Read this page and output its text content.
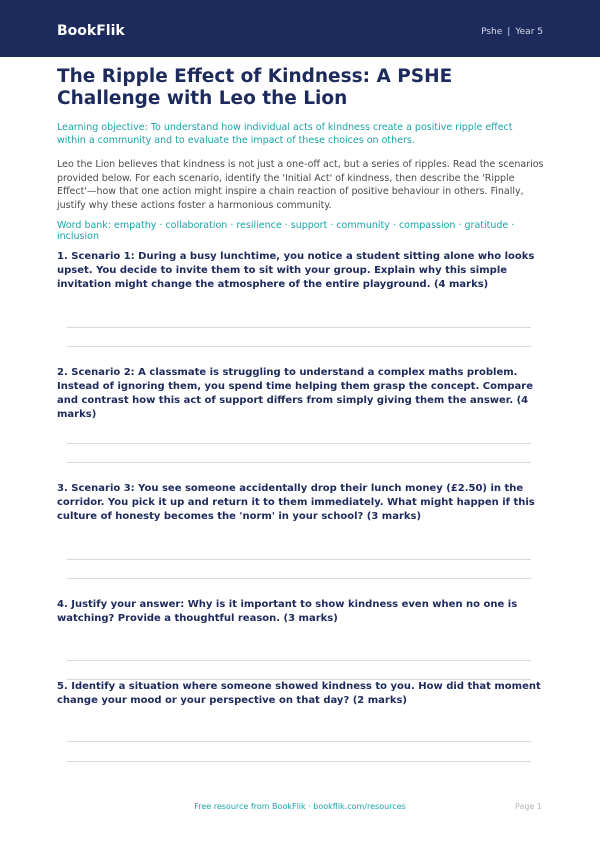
BookFlik	Pshe | Year 5
The Ripple Effect of Kindness: A PSHE Challenge with Leo the Lion

Learning objective: To understand how individual acts of kindness create a positive ripple effect within a community and to evaluate the impact of these choices on others.

Leo the Lion believes that kindness is not just a one-off act, but a series of ripples. Read the scenarios provided below. For each scenario, identify the 'Initial Act' of kindness, then describe the 'Ripple Effect'—how that one action might inspire a chain reaction of positive behaviour in others. Finally, justify why these actions foster a harmonious community.

Word bank: empathy · collaboration · resilience · support · community · compassion · gratitude · inclusion

1. Scenario 1: During a busy lunchtime, you notice a student sitting alone who looks upset. You decide to invite them to sit with your group. Explain why this simple invitation might change the atmosphere of the entire playground. (4 marks)

2. Scenario 2: A classmate is struggling to understand a complex maths problem. Instead of ignoring them, you spend time helping them grasp the concept. Compare and contrast how this act of support differs from simply giving them the answer. (4 marks)

3. Scenario 3: You see someone accidentally drop their lunch money (£2.50) in the corridor. You pick it up and return it to them immediately. What might happen if this culture of honesty becomes the 'norm' in your school? (3 marks)

4. Justify your answer: Why is it important to show kindness even when no one is watching? Provide a thoughtful reason. (3 marks)

5. Identify a situation where someone showed kindness to you. How did that moment change your mood or your perspective on that day? (2 marks)

Free resource from BookFlik · bookflik.com/resources	Page 1
